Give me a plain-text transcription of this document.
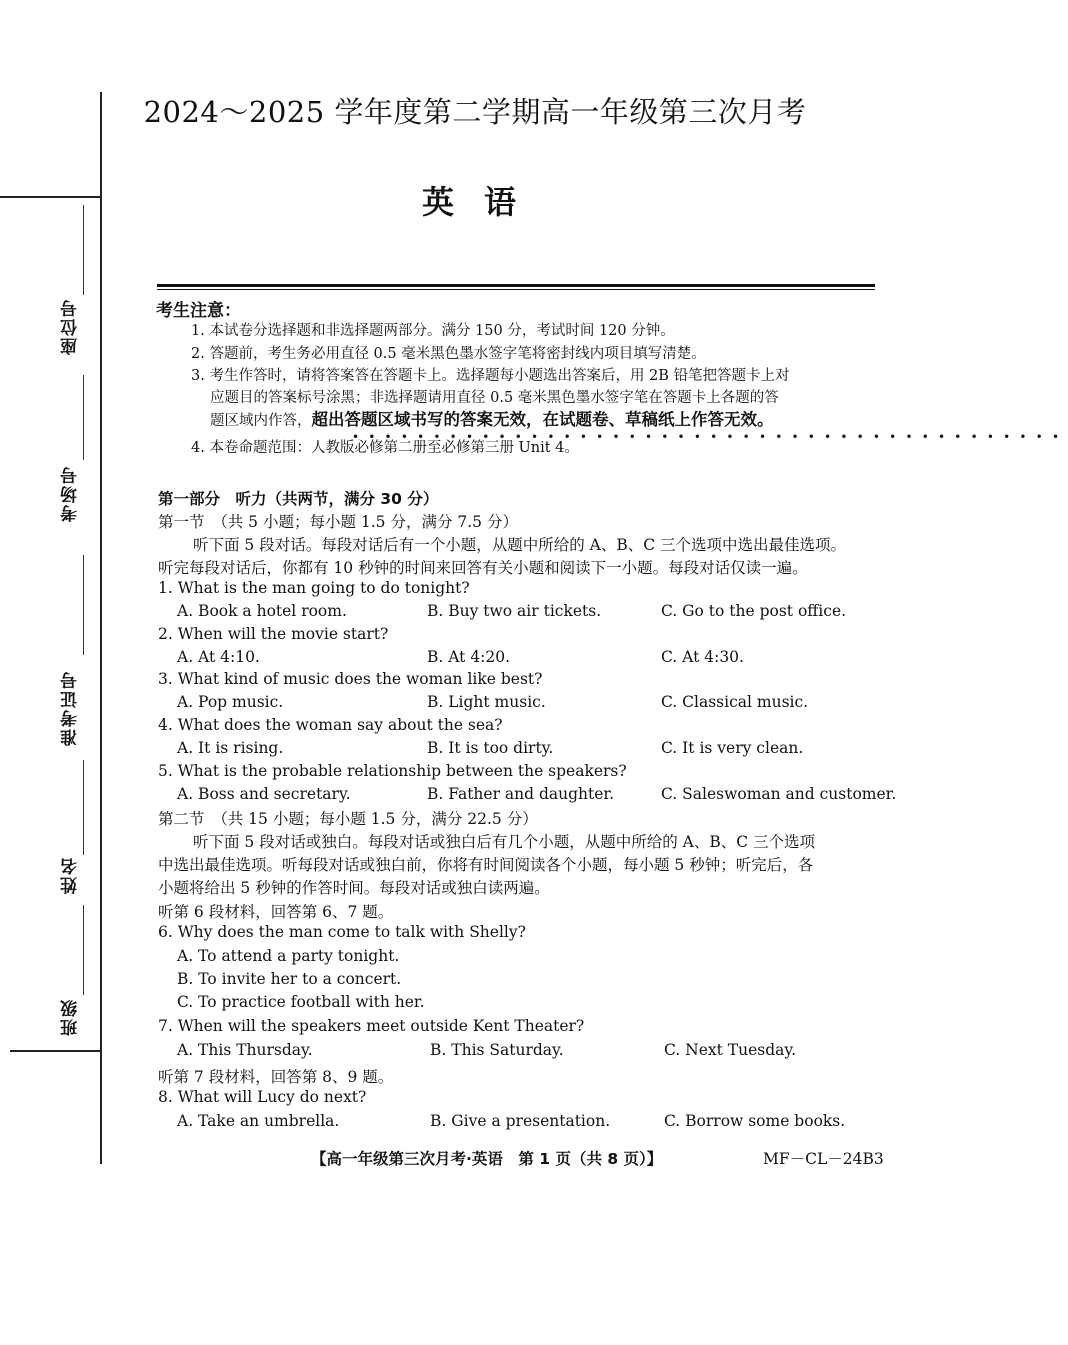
座位号
考场号
准考证号
姓名
班级
2024～2025 学年度第二学期高一年级第三次月考
英语
考生注意：
1. 本试卷分选择题和非选择题两部分。满分 150 分，考试时间 120 分钟。
2. 答题前，考生务必用直径 0.5 毫米黑色墨水签字笔将密封线内项目填写清楚。
3. 考生作答时，请将答案答在答题卡上。选择题每小题选出答案后，用 2B 铅笔把答题卡上对
应题目的答案标号涂黑；非选择题请用直径 0.5 毫米黑色墨水签字笔在答题卡上各题的答
题区域内作答，超出答题区域书写的答案无效，在试题卷、草稿纸上作答无效。
••••••••••••••••••••••••••••••••••••••••••••
4. 本卷命题范围：人教版必修第二册至必修第三册 Unit 4。
第一部分　听力（共两节，满分 30 分）
第一节　（共 5 小题；每小题 1.5 分，满分 7.5 分）
听下面 5 段对话。每段对话后有一个小题，从题中所给的 A、B、C 三个选项中选出最佳选项。
听完每段对话后，你都有 10 秒钟的时间来回答有关小题和阅读下一小题。每段对话仅读一遍。
1. What is the man going to do tonight?
A. Book a hotel room.	B. Buy two air tickets.	C. Go to the post office.
2. When will the movie start?
A. At 4:10.	B. At 4:20.	C. At 4:30.
3. What kind of music does the woman like best?
A. Pop music.	B. Light music.	C. Classical music.
4. What does the woman say about the sea?
A. It is rising.	B. It is too dirty.	C. It is very clean.
5. What is the probable relationship between the speakers?
A. Boss and secretary.	B. Father and daughter.	C. Saleswoman and customer.
第二节　（共 15 小题；每小题 1.5 分，满分 22.5 分）
听下面 5 段对话或独白。每段对话或独白后有几个小题，从题中所给的 A、B、C 三个选项
中选出最佳选项。听每段对话或独白前，你将有时间阅读各个小题，每小题 5 秒钟；听完后，各
小题将给出 5 秒钟的作答时间。每段对话或独白读两遍。
听第 6 段材料，回答第 6、7 题。
6. Why does the man come to talk with Shelly?
A. To attend a party tonight.
B. To invite her to a concert.
C. To practice football with her.
7. When will the speakers meet outside Kent Theater?
A. This Thursday.	B. This Saturday.	C. Next Tuesday.
听第 7 段材料，回答第 8、9 题。
8. What will Lucy do next?
A. Take an umbrella.	B. Give a presentation.	C. Borrow some books.
【高一年级第三次月考·英语　第 1 页（共 8 页）】	MF－CL－24B3
